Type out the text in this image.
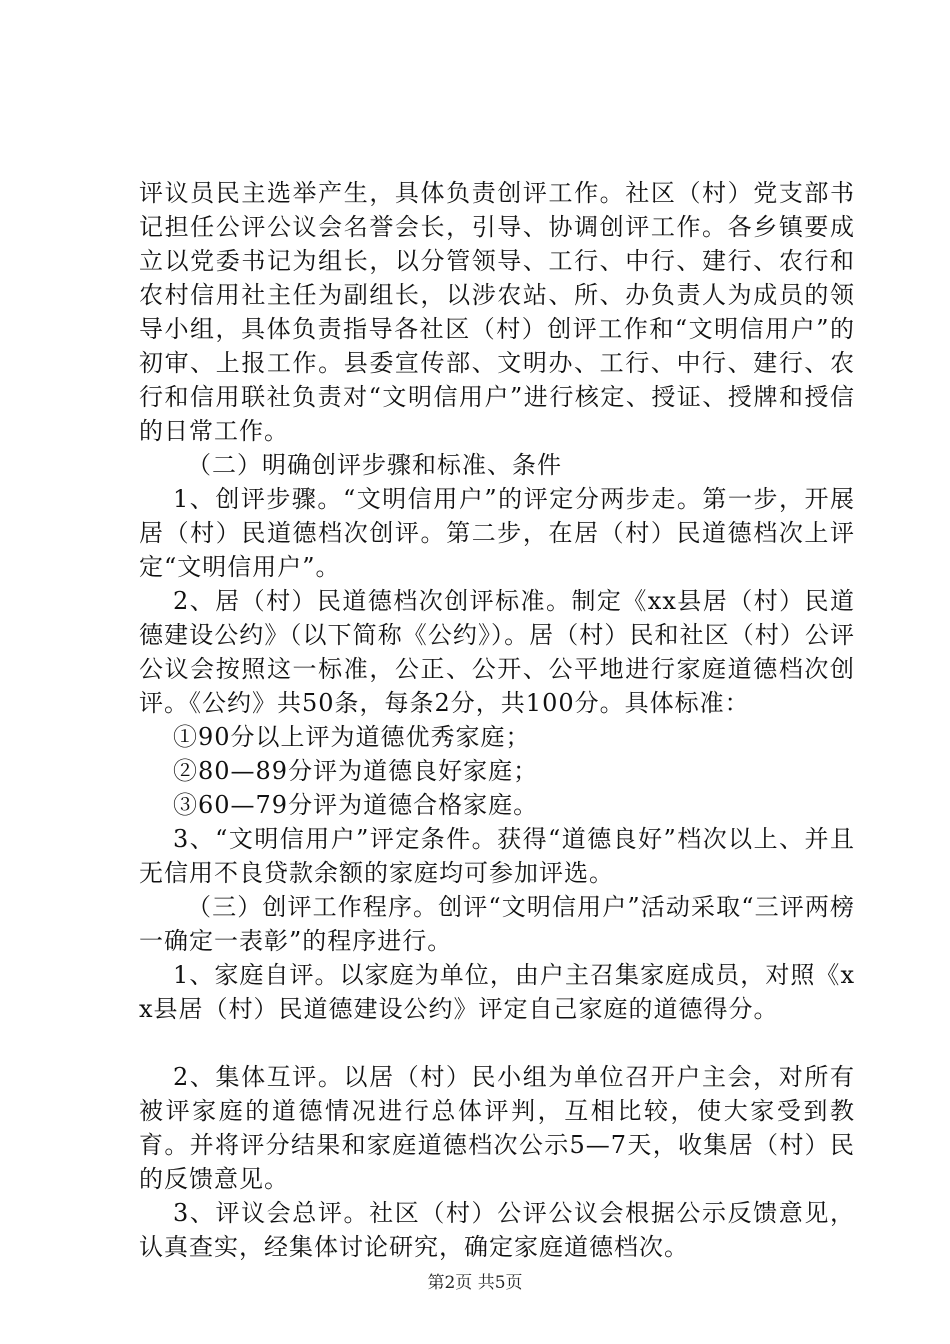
评议员民主选举产生，具体负责创评工作。社区（村）党支部书记担任公评公议会名誉会长，引导、协调创评工作。各乡镇要成立以党委书记为组长，以分管领导、工行、中行、建行、农行和农村信用社主任为副组长，以涉农站、所、办负责人为成员的领导小组，具体负责指导各社区（村）创评工作和“文明信用户”的初审、上报工作。县委宣传部、文明办、工行、中行、建行、农行和信用联社负责对“文明信用户”进行核定、授证、授牌和授信的日常工作。

（二）明确创评步骤和标准、条件

1、创评步骤。“文明信用户”的评定分两步走。第一步，开展居（村）民道德档次创评。第二步，在居（村）民道德档次上评定“文明信用户”。

2、居（村）民道德档次创评标准。制定《xx县居（村）民道德建设公约》（以下简称《公约》）。居（村）民和社区（村）公评公议会按照这一标准，公正、公开、公平地进行家庭道德档次创评。《公约》共50条，每条2分，共100分。具体标准：

①90分以上评为道德优秀家庭；

②80—89分评为道德良好家庭；

③60—79分评为道德合格家庭。

3、“文明信用户”评定条件。获得“道德良好”档次以上、并且无信用不良贷款余额的家庭均可参加评选。

（三）创评工作程序。创评“文明信用户”活动采取“三评两榜一确定一表彰”的程序进行。

1、家庭自评。以家庭为单位，由户主召集家庭成员，对照《xx县居（村）民道德建设公约》评定自己家庭的道德得分。

2、集体互评。以居（村）民小组为单位召开户主会，对所有被评家庭的道德情况进行总体评判，互相比较，使大家受到教育。并将评分结果和家庭道德档次公示5—7天，收集居（村）民的反馈意见。

3、评议会总评。社区（村）公评公议会根据公示反馈意见，认真查实，经集体讨论研究，确定家庭道德档次。

第2页 共5页
